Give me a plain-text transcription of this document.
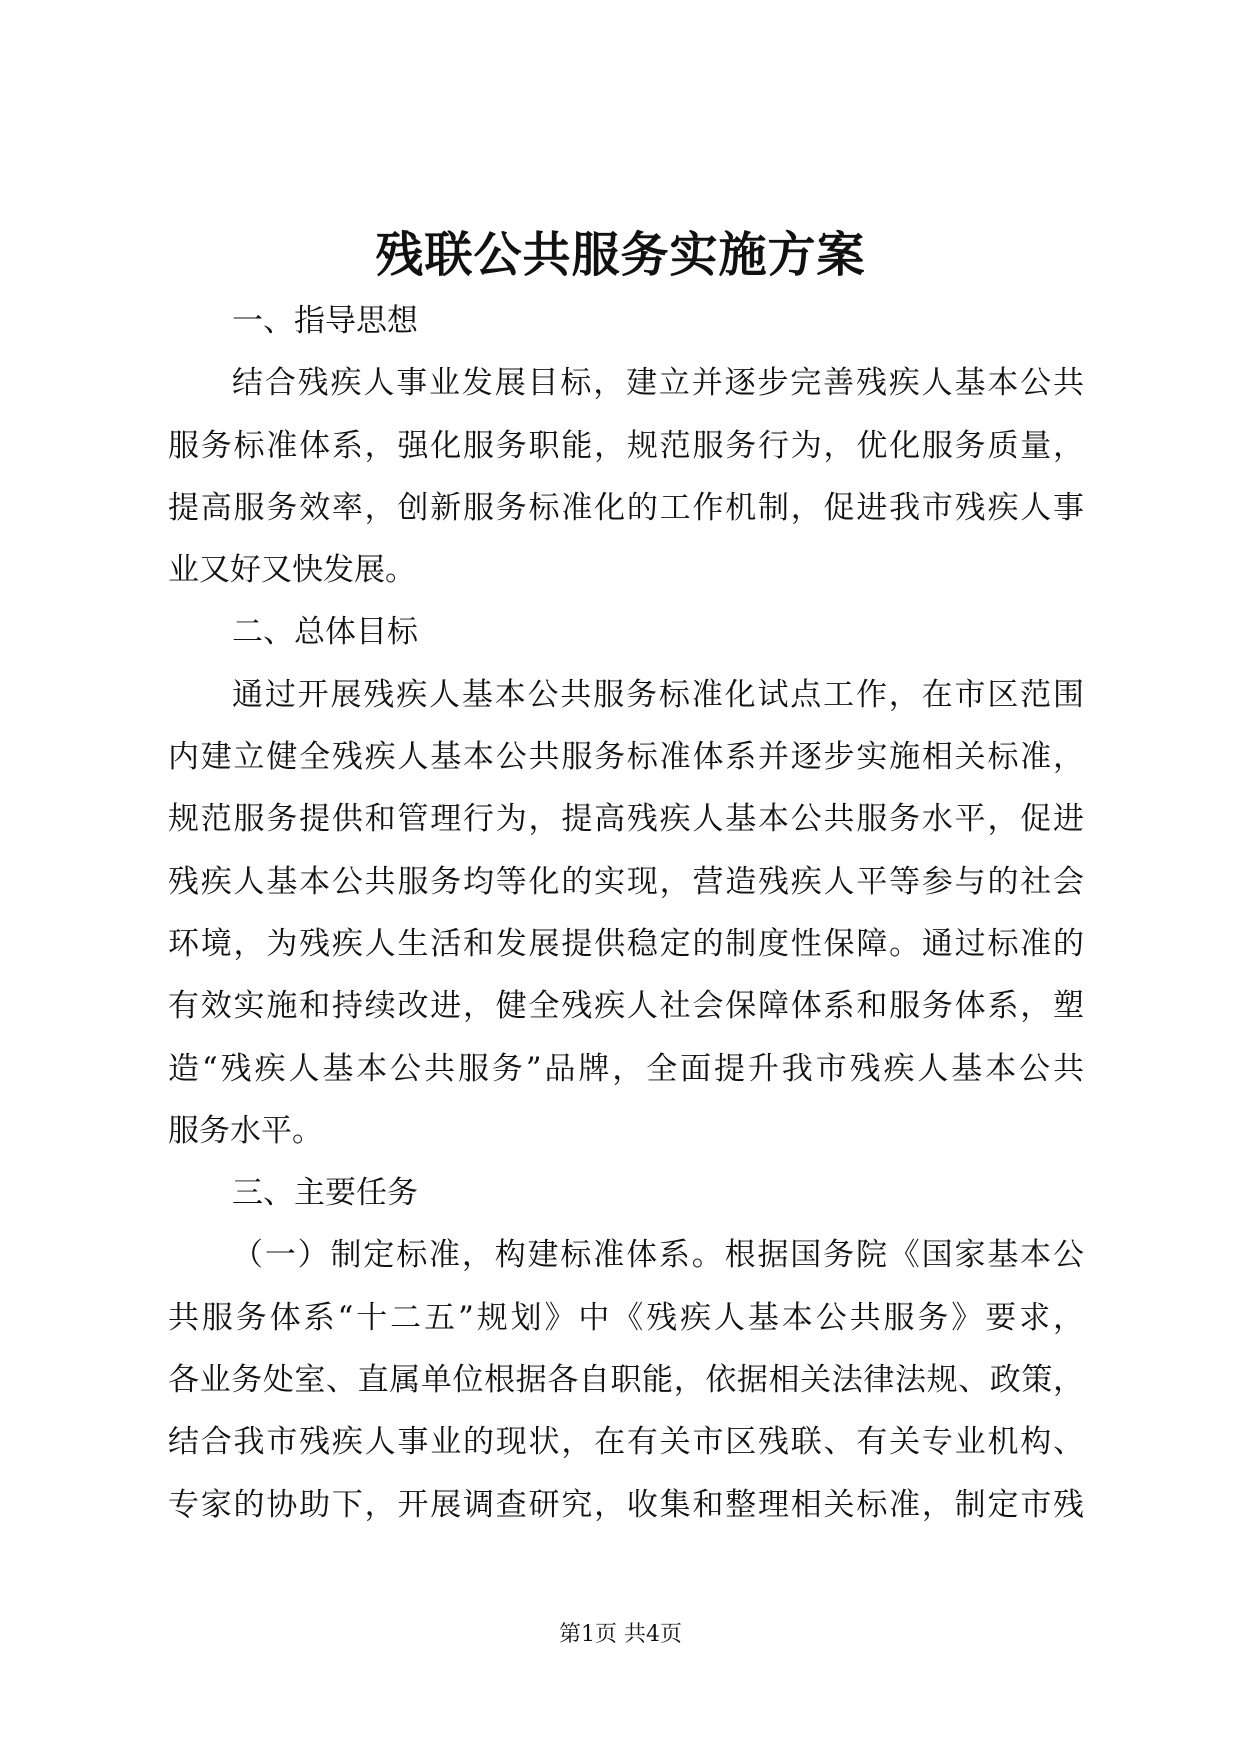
残联公共服务实施方案
一、指导思想
结合残疾人事业发展目标，建立并逐步完善残疾人基本公共
服务标准体系，强化服务职能，规范服务行为，优化服务质量，
提高服务效率，创新服务标准化的工作机制，促进我市残疾人事
业又好又快发展。
二、总体目标
通过开展残疾人基本公共服务标准化试点工作，在市区范围
内建立健全残疾人基本公共服务标准体系并逐步实施相关标准，
规范服务提供和管理行为，提高残疾人基本公共服务水平，促进
残疾人基本公共服务均等化的实现，营造残疾人平等参与的社会
环境，为残疾人生活和发展提供稳定的制度性保障。通过标准的
有效实施和持续改进，健全残疾人社会保障体系和服务体系，塑
造“残疾人基本公共服务”品牌，全面提升我市残疾人基本公共
服务水平。
三、主要任务
（一）制定标准，构建标准体系。根据国务院《国家基本公
共服务体系“十二五”规划》中《残疾人基本公共服务》要求，
各业务处室、直属单位根据各自职能，依据相关法律法规、政策，
结合我市残疾人事业的现状，在有关市区残联、有关专业机构、
专家的协助下，开展调查研究，收集和整理相关标准，制定市残
第1页 共4页
